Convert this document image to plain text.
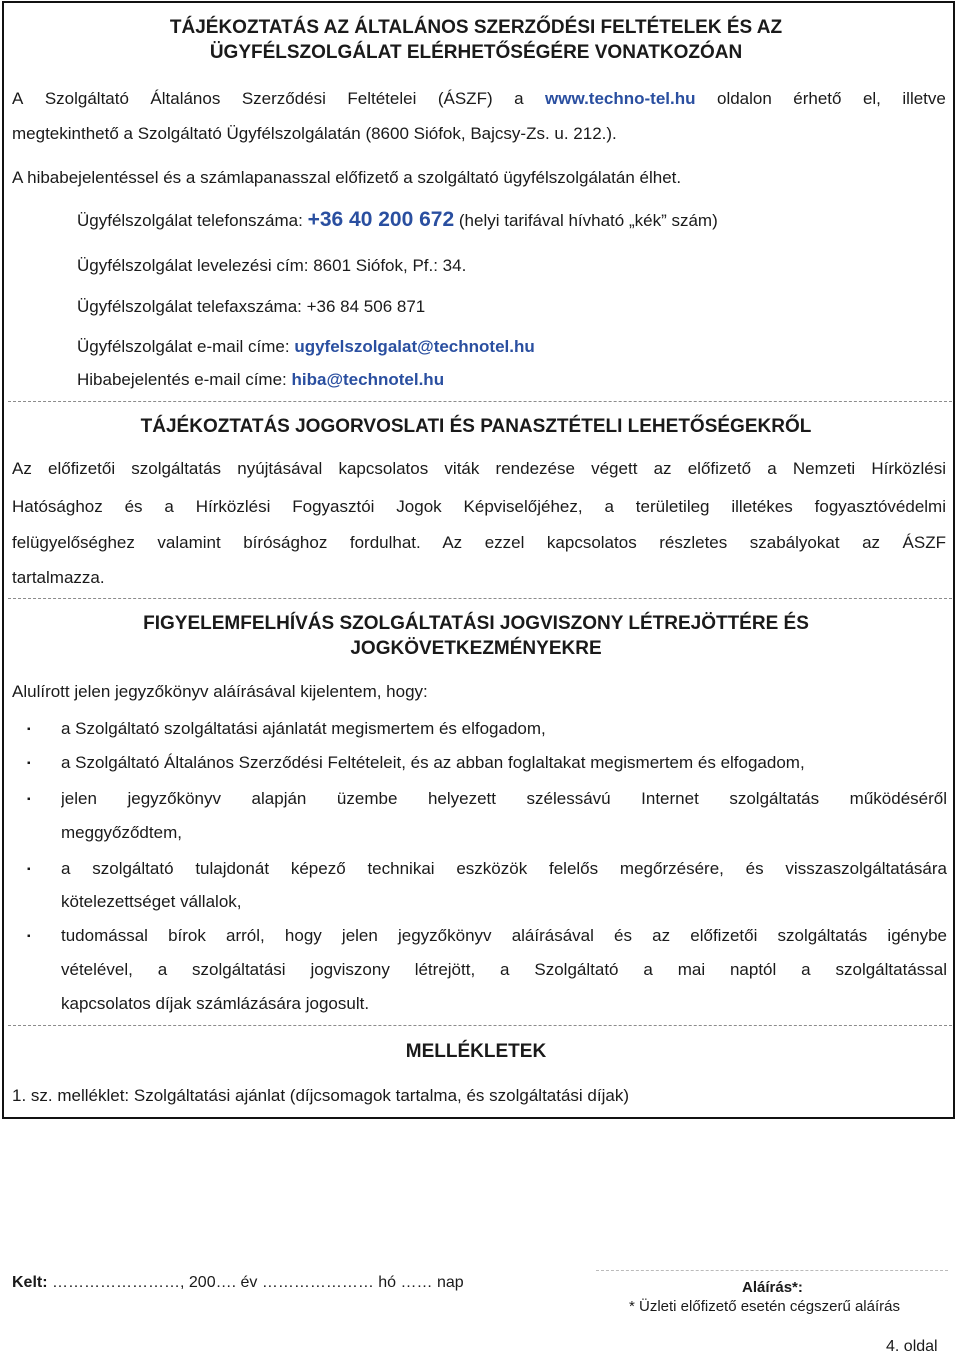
TÁJÉKOZTATÁS AZ ÁLTALÁNOS SZERZŐDÉSI FELTÉTELEK ÉS AZ
ÜGYFÉLSZOLGÁLAT ELÉRHETŐSÉGÉRE VONATKOZÓAN
A Szolgáltató Általános Szerződési Feltételei (ÁSZF) a www.techno-tel.hu oldalon érhető el, illetve
megtekinthető a Szolgáltató Ügyfélszolgálatán (8600 Siófok, Bajcsy-Zs. u. 212.).
A hibabejelentéssel és a számlapanasszal előfizető a szolgáltató ügyfélszolgálatán élhet.
Ügyfélszolgálat telefonszáma: +36 40 200 672 (helyi tarifával hívható „kék” szám)
Ügyfélszolgálat levelezési cím: 8601 Siófok, Pf.: 34.
Ügyfélszolgálat telefaxszáma: +36 84 506 871
Ügyfélszolgálat e-mail címe: ugyfelszolgalat@technotel.hu
Hibabejelentés e-mail címe: hiba@technotel.hu
TÁJÉKOZTATÁS JOGORVOSLATI ÉS PANASZTÉTELI LEHETŐSÉGEKRŐL
Az előfizetői szolgáltatás nyújtásával kapcsolatos viták rendezése végett az előfizető a Nemzeti Hírközlési
Hatósághoz és a Hírközlési Fogyasztói Jogok Képviselőjéhez, a területileg illetékes fogyasztóvédelmi
felügyelőséghez valamint bírósághoz fordulhat. Az ezzel kapcsolatos részletes szabályokat az ÁSZF
tartalmazza.
FIGYELEMFELHÍVÁS SZOLGÁLTATÁSI JOGVISZONY LÉTREJÖTTÉRE ÉS
JOGKÖVETKEZMÉNYEKRE
Alulírott jelen jegyzőkönyv aláírásával kijelentem, hogy:
▪ a Szolgáltató szolgáltatási ajánlatát megismertem és elfogadom,
▪ a Szolgáltató Általános Szerződési Feltételeit, és az abban foglaltakat megismertem és elfogadom,
▪ jelen jegyzőkönyv alapján üzembe helyezett szélessávú Internet szolgáltatás működéséről
meggyőződtem,
▪ a szolgáltató tulajdonát képező technikai eszközök felelős megőrzésére, és visszaszolgáltatására
kötelezettséget vállalok,
▪ tudomással bírok arról, hogy jelen jegyzőkönyv aláírásával és az előfizetői szolgáltatás igénybe
vételével, a szolgáltatási jogviszony létrejött, a Szolgáltató a mai naptól a szolgáltatással
kapcsolatos díjak számlázására jogosult.
MELLÉKLETEK
1. sz. melléklet: Szolgáltatási ajánlat (díjcsomagok tartalma, és szolgáltatási díjak)
Kelt: ……………………, 200…. év ………………… hó …… nap	Aláírás*:
* Üzleti előfizető esetén cégszerű aláírás
4. oldal
